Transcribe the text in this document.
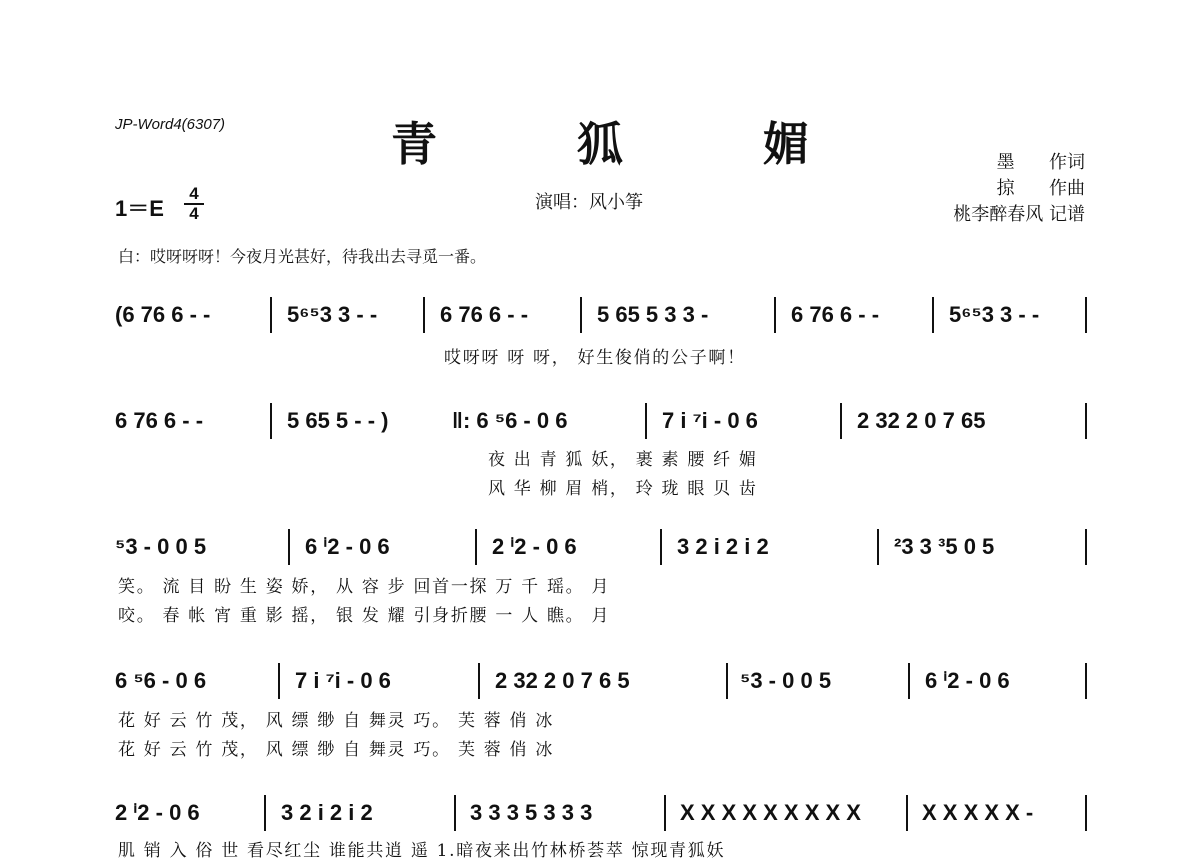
JP-Word4(6307)	青 狐 媚
演唱：风小筝
墨      作词
掠      作曲
桃李醉春风 记谱
1＝E
4
4
白：哎呀呀呀！今夜月光甚好，待我出去寻觅一番。
(6 76 6 - -	5⁶⁵3 3 - -	6 76 6 - -	5 65 5 3 3 -	6 76 6 - -	5⁶⁵3 3 - -
哎呀呀 呀 呀， 好生俊俏的公子啊！
6 76 6 - -	5 65 5 - - )	‖: 6 ⁵6 - 0 6	7 i ⁷i - 0 6	2 32 2 0 7 65
夜 出 青 狐 妖， 裹 素 腰 纤 媚
风 华 柳 眉 梢， 玲 珑 眼 贝 齿
⁵3 - 0 0 5	6 ⁱ2 - 0 6	2 ⁱ2 - 0 6	3 2 i 2 i 2	²3 3 ³5 0 5
笑。 流 目 盼 生 姿 娇， 从 容 步 回首一探 万 千 瑶。 月
咬。 春 帐 宵 重 影 摇， 银 发 耀 引身折腰 一 人 瞧。 月
6 ⁵6 - 0 6	7 i ⁷i - 0 6	2 32 2 0 7 6 5	⁵3 - 0 0 5	6 ⁱ2 - 0 6
花 好 云 竹 茂， 风 缥 缈 自 舞灵 巧。 芙 蓉 俏 冰
花 好 云 竹 茂， 风 缥 缈 自 舞灵 巧。 芙 蓉 俏 冰
2 ⁱ2 - 0 6	3 2 i 2 i 2	3 3 3 5 3 3 3	X X X X X X X X X	X X X X X -
肌 销 入 俗 世 看尽红尘 谁能共逍 遥 1.暗夜来出竹林桥荟萃 惊现青狐妖
